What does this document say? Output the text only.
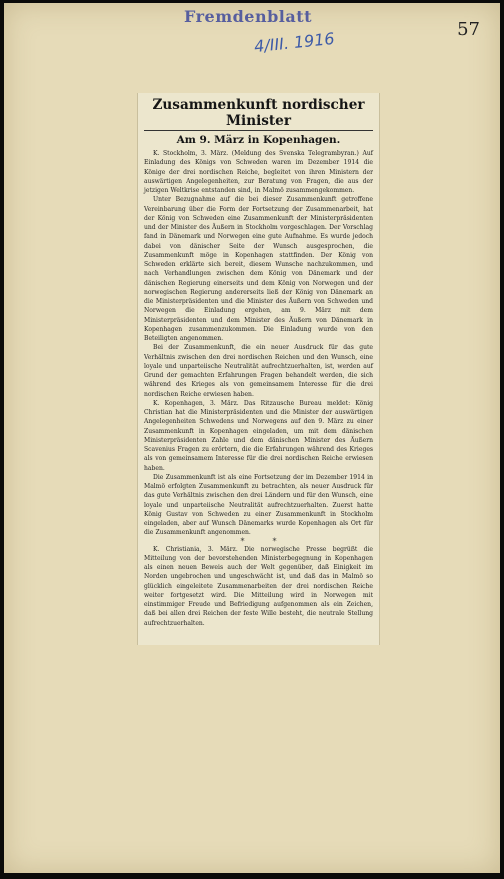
Fremdenblatt
57
4/III. 1916
Zusammenkunft nordischer Minister
Am 9. März in Kopenhagen.

K. Stockholm, 3. März. (Meldung des Svenska Telegrambyran.) Auf Einladung des Königs von Schweden waren im Dezember 1914 die Könige der drei nordischen Reiche, begleitet von ihren Ministern der auswärtigen Angelegenheiten, zur Beratung von Fragen, die aus der jetzigen Weltkrise entstanden sind, in Malmö zusammengekommen.

Unter Bezugnahme auf die bei dieser Zusammenkunft getroffene Vereinbarung über die Form der Fortsetzung der Zusammenarbeit, hat der König von Schweden eine Zusammenkunft der Ministerpräsidenten und der Minister des Äußern in Stockholm vorgeschlagen. Der Vorschlag fand in Dänemark und Norwegen eine gute Aufnahme. Es wurde jedoch dabei von dänischer Seite der Wunsch ausgesprochen, die Zusammenkunft möge in Kopenhagen stattfinden. Der König von Schweden erklärte sich bereit, diesem Wunsche nachzukommen, und nach Verhandlungen zwischen dem König von Dänemark und der dänischen Regierung einerseits und dem König von Norwegen und der norwegischen Regierung andererseits ließ der König von Dänemark an die Ministerpräsidenten und die Minister des Äußern von Schweden und Norwegen die Einladung ergehen, am 9. März mit dem Ministerpräsidenten und dem Minister des Äußern von Dänemark in Kopenhagen zusammenzukommen. Die Einladung wurde von den Beteiligten angenommen.

Bei der Zusammenkunft, die ein neuer Ausdruck für das gute Verhältnis zwischen den drei nordischen Reichen und den Wunsch, eine loyale und unparteiische Neutralität aufrechtzuerhalten, ist, werden auf Grund der gemachten Erfahrungen Fragen behandelt werden, die sich während des Krieges als von gemeinsamem Interesse für die drei nordischen Reiche erwiesen haben.

K. Kopenhagen, 3. März. Das Ritzausche Bureau meldet: König Christian hat die Ministerpräsidenten und die Minister der auswärtigen Angelegenheiten Schwedens und Norwegens auf den 9. März zu einer Zusammenkunft in Kopenhagen eingeladen, um mit dem dänischen Ministerpräsidenten Zahle und dem dänischen Minister des Äußern Scavenius Fragen zu erörtern, die die Erfahrungen während des Krieges als von gemeinsamem Interesse für die drei nordischen Reiche erwiesen haben.

Die Zusammenkunft ist als eine Fortsetzung der im Dezember 1914 in Malmö erfolgten Zusammenkunft zu betrachten, als neuer Ausdruck für das gute Verhältnis zwischen den drei Ländern und für den Wunsch, eine loyale und unparteiische Neutralität aufrechtzuerhalten. Zuerst hatte König Gustav von Schweden zu einer Zusammenkunft in Stockholm eingeladen, aber auf Wunsch Dänemarks wurde Kopenhagen als Ort für die Zusammenkunft angenommen.

*           *

K. Christiania, 3. März. Die norwegische Presse begrüßt die Mitteilung von der bevorstehenden Ministerbegegnung in Kopenhagen als einen neuen Beweis auch der Welt gegenüber, daß Einigkeit im Norden ungebrochen und ungeschwächt ist, und daß das in Malmö so glücklich eingeleitete Zusammenarbeiten der drei nordischen Reiche weiter fortgesetzt wird. Die Mitteilung wird in Norwegen mit einstimmiger Freude und Befriedigung aufgenommen als ein Zeichen, daß bei allen drei Reichen der feste Wille besteht, die neutrale Stellung aufrechtzuerhalten.
